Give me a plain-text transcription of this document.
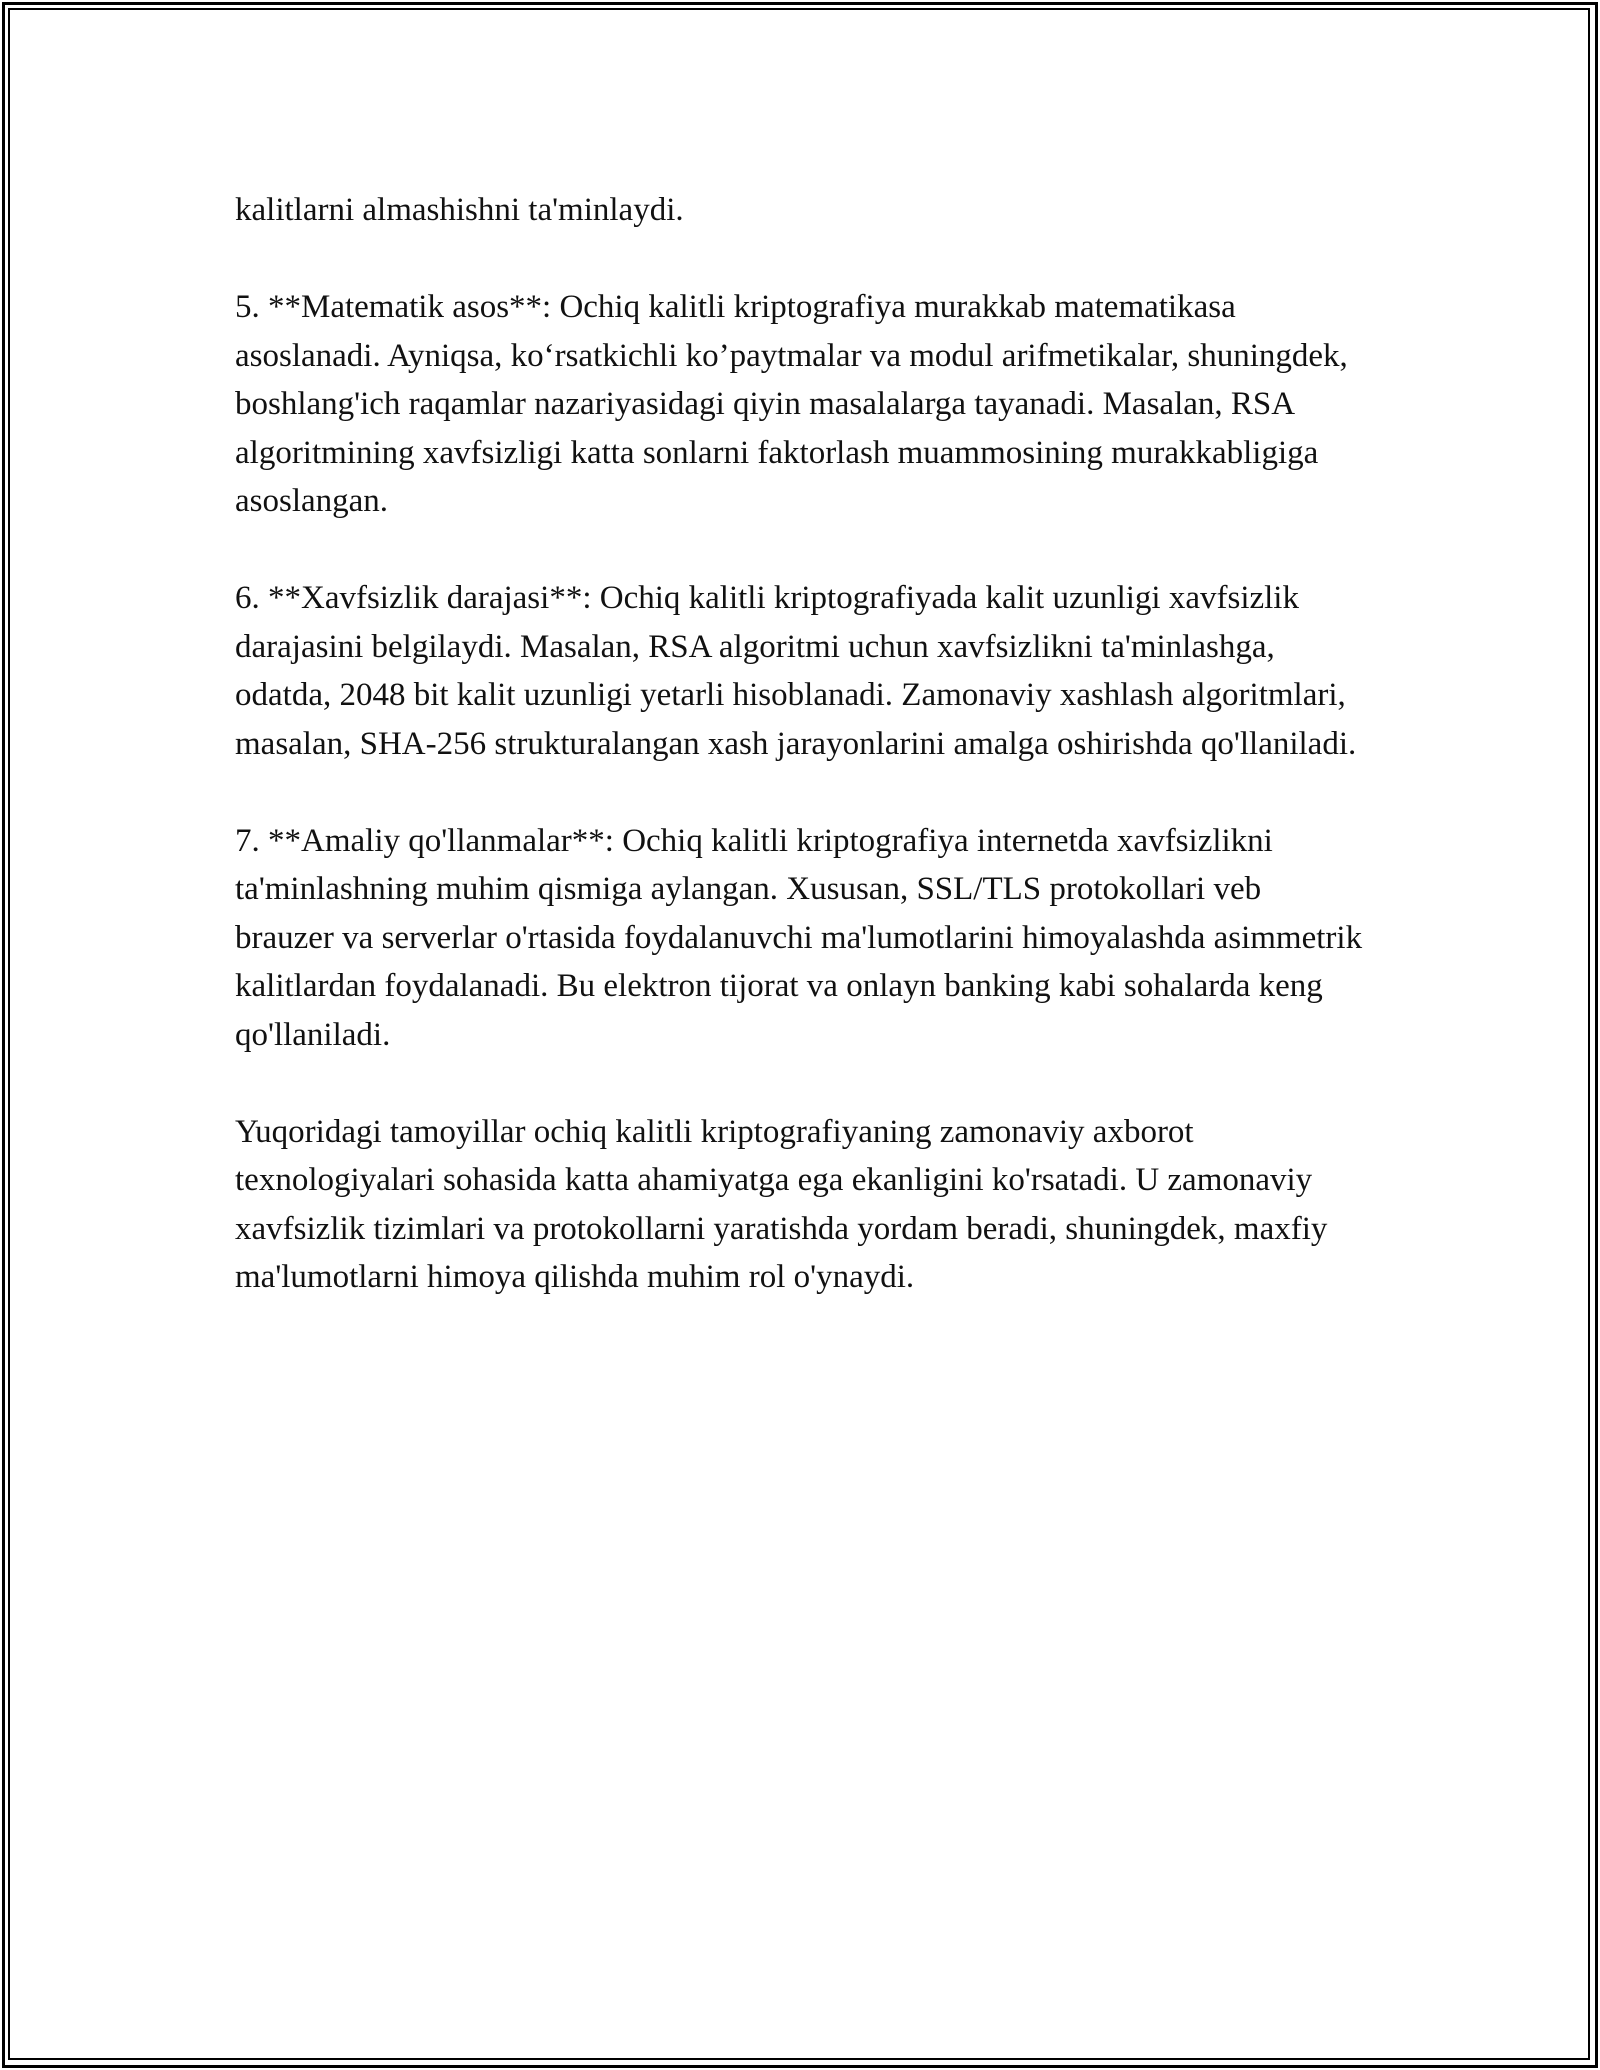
kalitlarni almashishni ta'minlaydi.

5. **Matematik asos**: Ochiq kalitli kriptografiya murakkab matematikasa asoslanadi. Ayniqsa, ko‘rsatkichli ko’paytmalar va modul arifmetikalar, shuningdek, boshlang'ich raqamlar nazariyasidagi qiyin masalalarga tayanadi. Masalan, RSA algoritmining xavfsizligi katta sonlarni faktorlash muammosining murakkabligiga asoslangan.

6. **Xavfsizlik darajasi**: Ochiq kalitli kriptografiyada kalit uzunligi xavfsizlik darajasini belgilaydi. Masalan, RSA algoritmi uchun xavfsizlikni ta'minlashga, odatda, 2048 bit kalit uzunligi yetarli hisoblanadi. Zamonaviy xashlash algoritmlari, masalan, SHA-256 strukturalangan xash jarayonlarini amalga oshirishda qo'llaniladi.

7. **Amaliy qo'llanmalar**: Ochiq kalitli kriptografiya internetda xavfsizlikni ta'minlashning muhim qismiga aylangan. Xususan, SSL/TLS protokollari veb brauzer va serverlar o'rtasida foydalanuvchi ma'lumotlarini himoyalashda asimmetrik kalitlardan foydalanadi. Bu elektron tijorat va onlayn banking kabi sohalarda keng qo'llaniladi.

Yuqoridagi tamoyillar ochiq kalitli kriptografiyaning zamonaviy axborot texnologiyalari sohasida katta ahamiyatga ega ekanligini ko'rsatadi. U zamonaviy xavfsizlik tizimlari va protokollarni yaratishda yordam beradi, shuningdek, maxfiy ma'lumotlarni himoya qilishda muhim rol o'ynaydi.
